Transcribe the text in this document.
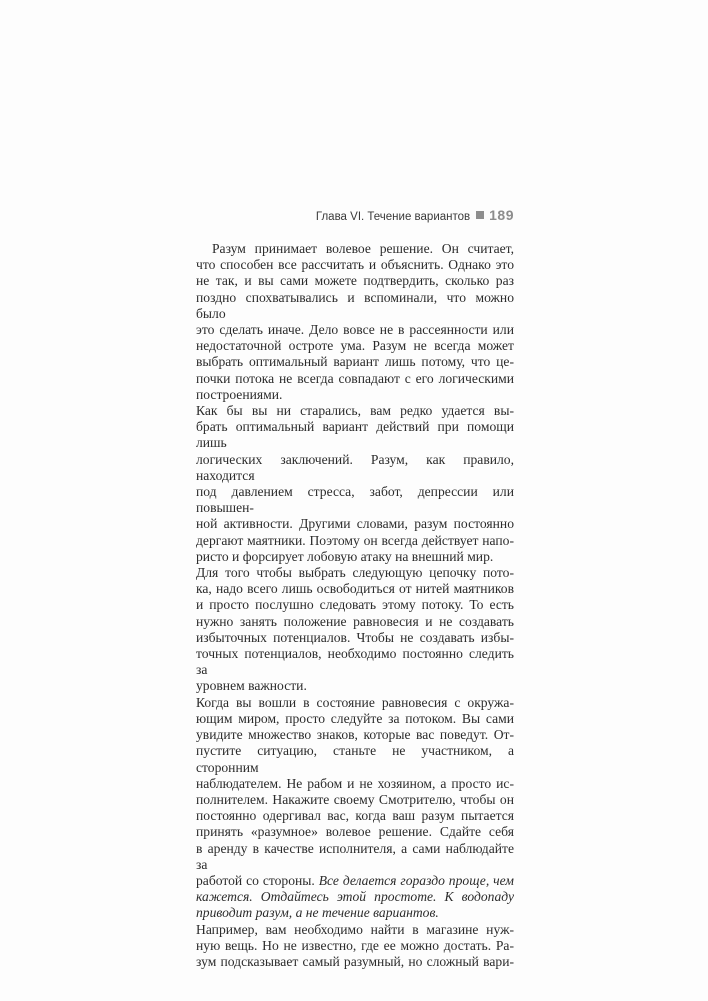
Глава VI. Течение вариантов 189

Разум принимает волевое решение. Он считает,

что способен все рассчитать и объяснить. Однако это

не так, и вы сами можете подтвердить, сколько раз

поздно спохватывались и вспоминали, что можно было

это сделать иначе. Дело вовсе не в рассеянности или

недостаточной остроте ума. Разум не всегда может

выбрать оптимальный вариант лишь потому, что це-

почки потока не всегда совпадают с его логическими

построениями.

Как бы вы ни старались, вам редко удается вы-

брать оптимальный вариант действий при помощи лишь

логических заключений. Разум, как правило, находится

под давлением стресса, забот, депрессии или повышен-

ной активности. Другими словами, разум постоянно

дергают маятники. Поэтому он всегда действует напо-

ристо и форсирует лобовую атаку на внешний мир.

Для того чтобы выбрать следующую цепочку пото-

ка, надо всего лишь освободиться от нитей маятников

и просто послушно следовать этому потоку. То есть

нужно занять положение равновесия и не создавать

избыточных потенциалов. Чтобы не создавать избы-

точных потенциалов, необходимо постоянно следить за

уровнем важности.

Когда вы вошли в состояние равновесия с окружа-

ющим миром, просто следуйте за потоком. Вы сами

увидите множество знаков, которые вас поведут. От-

пустите ситуацию, станьте не участником, а сторонним

наблюдателем. Не рабом и не хозяином, а просто ис-

полнителем. Накажите своему Смотрителю, чтобы он

постоянно одергивал вас, когда ваш разум пытается

принять «разумное» волевое решение. Сдайте себя

в аренду в качестве исполнителя, а сами наблюдайте за

работой со стороны. Все делается гораздо проще, чем

кажется. Отдайтесь этой простоте. К водопаду

приводит разум, а не течение вариантов.

Например, вам необходимо найти в магазине нуж-

ную вещь. Но не известно, где ее можно достать. Ра-

зум подсказывает самый разумный, но сложный вари-
